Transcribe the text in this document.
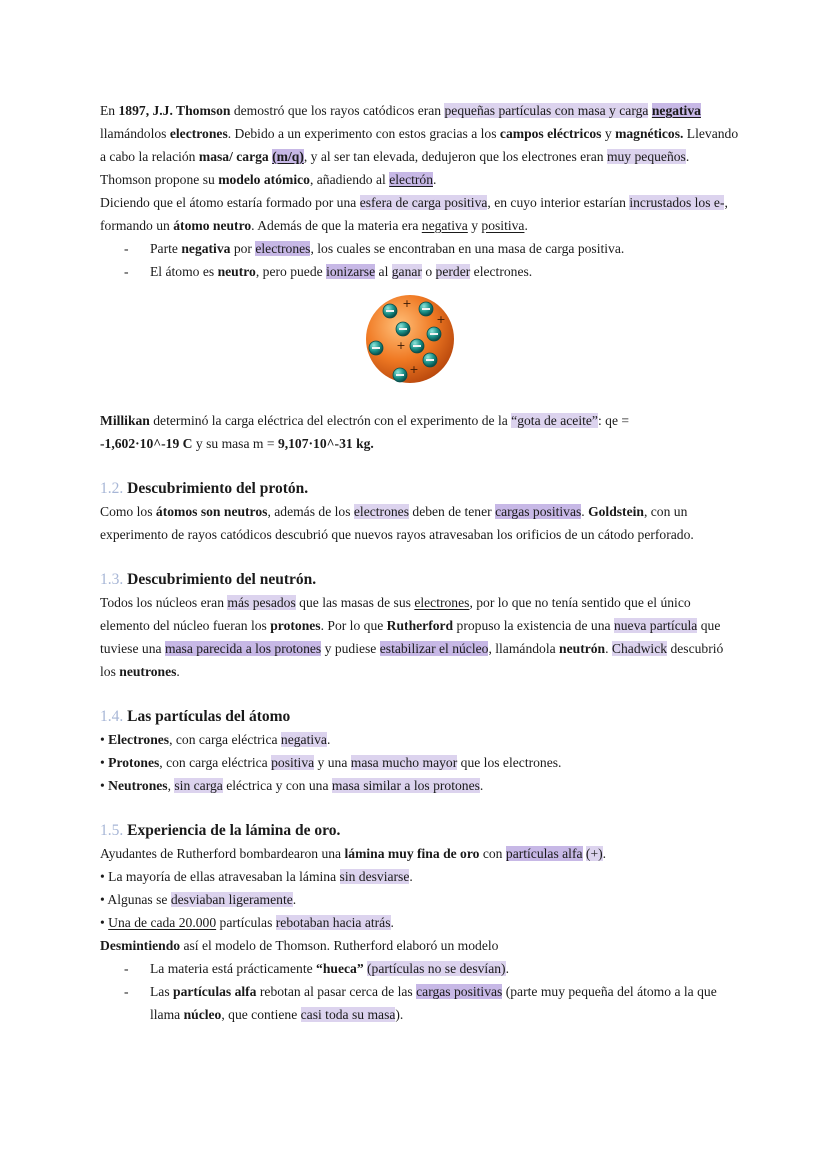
En 1897, J.J. Thomson demostró que los rayos catódicos eran pequeñas partículas con masa y carga negativa llamándolos electrones. Debido a un experimento con estos gracias a los campos eléctricos y magnéticos. Llevando a cabo la relación masa/ carga (m/q), y al ser tan elevada, dedujeron que los electrones eran muy pequeños.

Thomson propone su modelo atómico, añadiendo al electrón.

Diciendo que el átomo estaría formado por una esfera de carga positiva, en cuyo interior estarían incrustados los e-, formando un átomo neutro. Además de que la materia era negativa y positiva.

- Parte negativa por electrones, los cuales se encontraban en una masa de carga positiva.
- El átomo es neutro, pero puede ionizarse al ganar o perder electrones.
+
+
+
+

Millikan determinó la carga eléctrica del electrón con el experimento de la “gota de aceite”: qe =
-1,602·10^-19 C y su masa m = 9,107·10^-31 kg.

1.2. Descubrimiento del protón.

Como los átomos son neutros, además de los electrones deben de tener cargas positivas. Goldstein, con un experimento de rayos catódicos descubrió que nuevos rayos atravesaban los orificios de un cátodo perforado.

1.3. Descubrimiento del neutrón.

Todos los núcleos eran más pesados que las masas de sus electrones, por lo que no tenía sentido que el único elemento del núcleo fueran los protones. Por lo que Rutherford propuso la existencia de una nueva partícula que tuviese una masa parecida a los protones y pudiese estabilizar el núcleo, llamándola neutrón. Chadwick descubrió los neutrones.

1.4. Las partículas del átomo

• Electrones, con carga eléctrica negativa.

• Protones, con carga eléctrica positiva y una masa mucho mayor que los electrones.

• Neutrones, sin carga eléctrica y con una masa similar a los protones.

1.5. Experiencia de la lámina de oro.

Ayudantes de Rutherford bombardearon una lámina muy fina de oro con partículas alfa (+).

• La mayoría de ellas atravesaban la lámina sin desviarse.

• Algunas se desviaban ligeramente.

• Una de cada 20.000 partículas rebotaban hacia atrás.

Desmintiendo así el modelo de Thomson. Rutherford elaboró un modelo

- La materia está prácticamente “hueca” (partículas no se desvían).
- Las partículas alfa rebotan al pasar cerca de las cargas positivas (parte muy pequeña del átomo a la que llama núcleo, que contiene casi toda su masa).
